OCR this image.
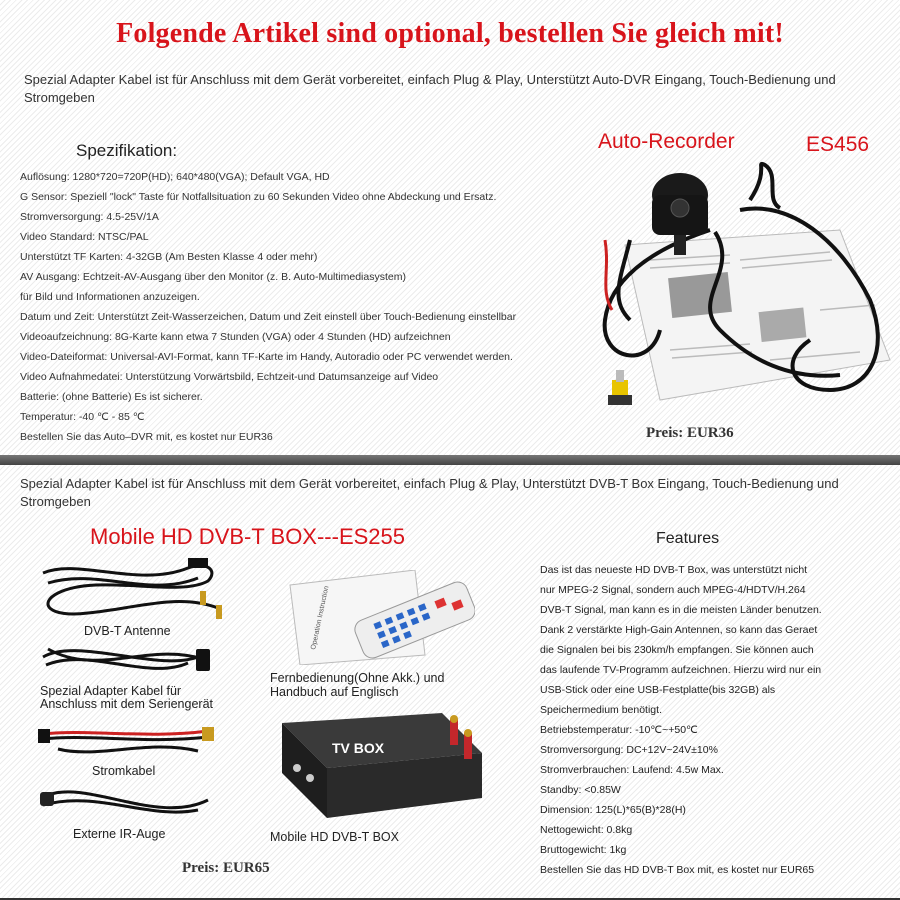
Folgende Artikel sind optional, bestellen Sie gleich mit!

Spezial Adapter Kabel ist für Anschluss mit dem Gerät vorbereitet, einfach Plug & Play, Unterstützt Auto-DVR Eingang, Touch-Bedienung und Stromgeben

Spezifikation:
Auflösung: 1280*720=720P(HD); 640*480(VGA); Default VGA, HD
G Sensor: Speziell "lock" Taste für Notfallsituation zu 60 Sekunden Video ohne Abdeckung und Ersatz.
Stromversorgung: 4.5-25V/1A
Video Standard: NTSC/PAL
Unterstützt TF Karten: 4-32GB (Am Besten Klasse 4 oder mehr)
AV Ausgang: Echtzeit-AV-Ausgang über den Monitor (z. B. Auto-Multimediasystem)
für Bild und Informationen anzuzeigen.
Datum und Zeit: Unterstützt Zeit-Wasserzeichen, Datum und Zeit einstell über Touch-Bedienung einstellbar
Videoaufzeichnung: 8G-Karte kann etwa 7 Stunden (VGA) oder 4 Stunden (HD) aufzeichnen
Video-Dateiformat: Universal-AVI-Format, kann TF-Karte im Handy, Autoradio oder PC verwendet werden.
Video Aufnahmedatei: Unterstützung Vorwärtsbild, Echtzeit-und Datumsanzeige auf Video
Batterie: (ohne Batterie) Es ist sicherer.
Temperatur: -40 ℃ - 85 ℃
Bestellen Sie das Auto–DVR mit, es kostet nur EUR36
Auto-Recorder	ES456
Preis: EUR36

Spezial Adapter Kabel ist für Anschluss mit dem Gerät vorbereitet, einfach Plug & Play, Unterstützt DVB-T Box Eingang, Touch-Bedienung und Stromgeben

Mobile HD DVB-T BOX---ES255
DVB-T Antenne
Spezial Adapter Kabel für
Anschluss mit dem Seriengerät
Stromkabel
Externe IR-Auge
Operation Instruction
Fernbedienung(Ohne Akk.) und
Handbuch auf Englisch
TV BOX
Mobile HD DVB-T BOX
Preis: EUR65
Features
Das ist das neueste HD DVB-T Box, was unterstützt nicht
nur MPEG-2 Signal, sondern auch MPEG-4/HDTV/H.264
DVB-T Signal, man kann es in die meisten Länder benutzen.
Dank 2 verstärkte High-Gain Antennen, so kann das Geraet
die Signalen bei bis 230km/h empfangen. Sie können auch
das laufende TV-Programm aufzeichnen. Hierzu wird nur ein
USB-Stick oder eine USB-Festplatte(bis 32GB) als
Speichermedium benötigt.
Betriebstemperatur: -10℃~+50℃
Stromversorgung: DC+12V~24V±10%
Stromverbrauchen: Laufend: 4.5w Max.
Standby: <0.85W
Dimension: 125(L)*65(B)*28(H)
Nettogewicht: 0.8kg
Bruttogewicht: 1kg
Bestellen Sie das HD DVB-T Box mit, es kostet nur EUR65
